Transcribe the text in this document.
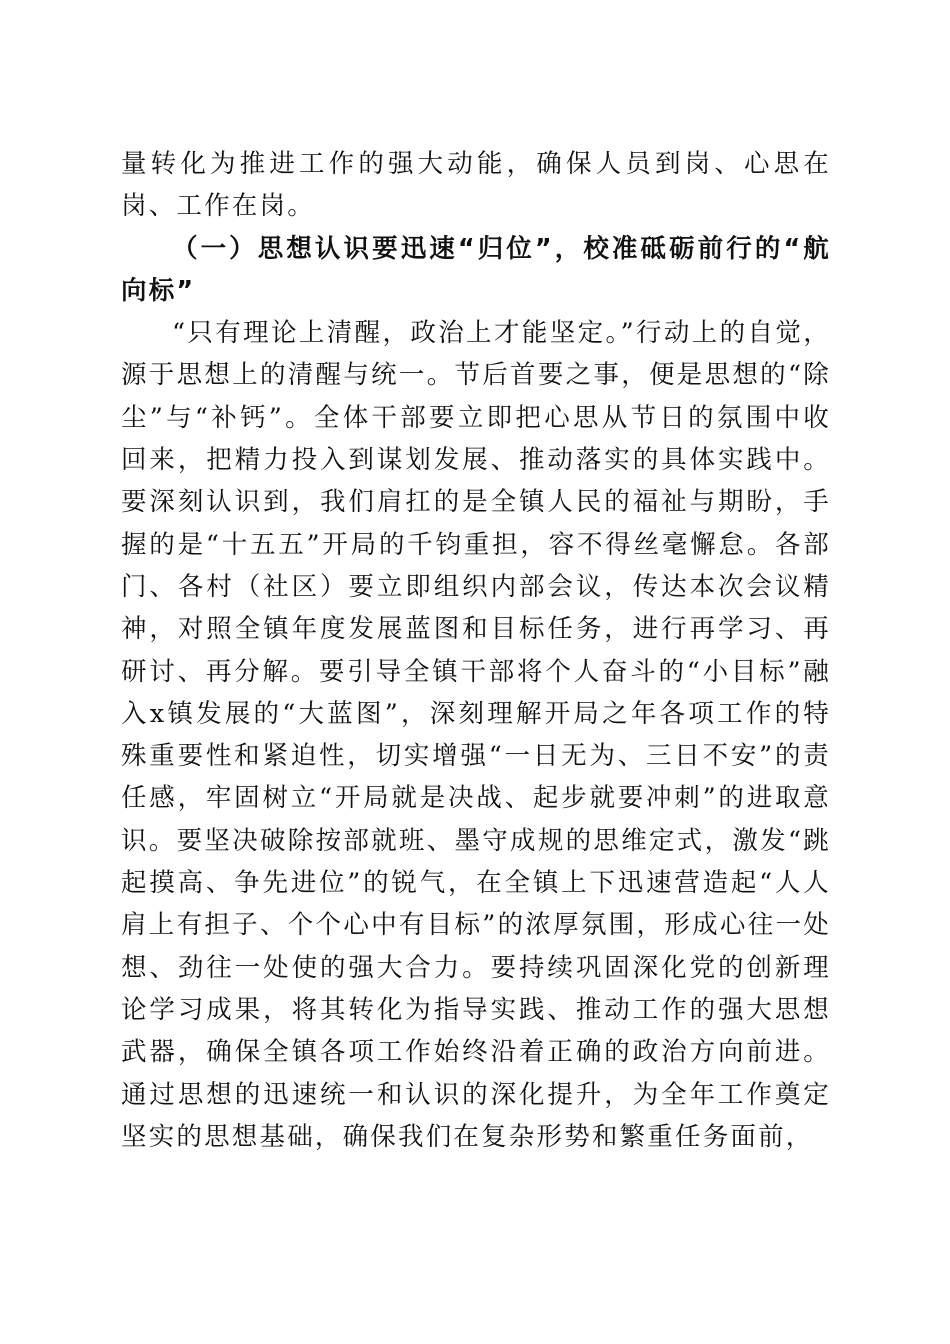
量转化为推进工作的强大动能，确保人员到岗、心思在岗、工作在岗。

（一）思想认识要迅速“归位”，校准砥砺前行的“航向标”

“只有理论上清醒，政治上才能坚定。”行动上的自觉，源于思想上的清醒与统一。节后首要之事，便是思想的“除尘”与“补钙”。全体干部要立即把心思从节日的氛围中收回来，把精力投入到谋划发展、推动落实的具体实践中。要深刻认识到，我们肩扛的是全镇人民的福祉与期盼，手握的是“十五五”开局的千钧重担，容不得丝毫懈怠。各部门、各村（社区）要立即组织内部会议，传达本次会议精神，对照全镇年度发展蓝图和目标任务，进行再学习、再研讨、再分解。要引导全镇干部将个人奋斗的“小目标”融入x镇发展的“大蓝图”，深刻理解开局之年各项工作的特殊重要性和紧迫性，切实增强“一日无为、三日不安”的责任感，牢固树立“开局就是决战、起步就要冲刺”的进取意识。要坚决破除按部就班、墨守成规的思维定式，激发“跳起摸高、争先进位”的锐气，在全镇上下迅速营造起“人人肩上有担子、个个心中有目标”的浓厚氛围，形成心往一处想、劲往一处使的强大合力。要持续巩固深化党的创新理论学习成果，将其转化为指导实践、推动工作的强大思想武器，确保全镇各项工作始终沿着正确的政治方向前进。通过思想的迅速统一和认识的深化提升，为全年工作奠定坚实的思想基础，确保我们在复杂形势和繁重任务面前，
